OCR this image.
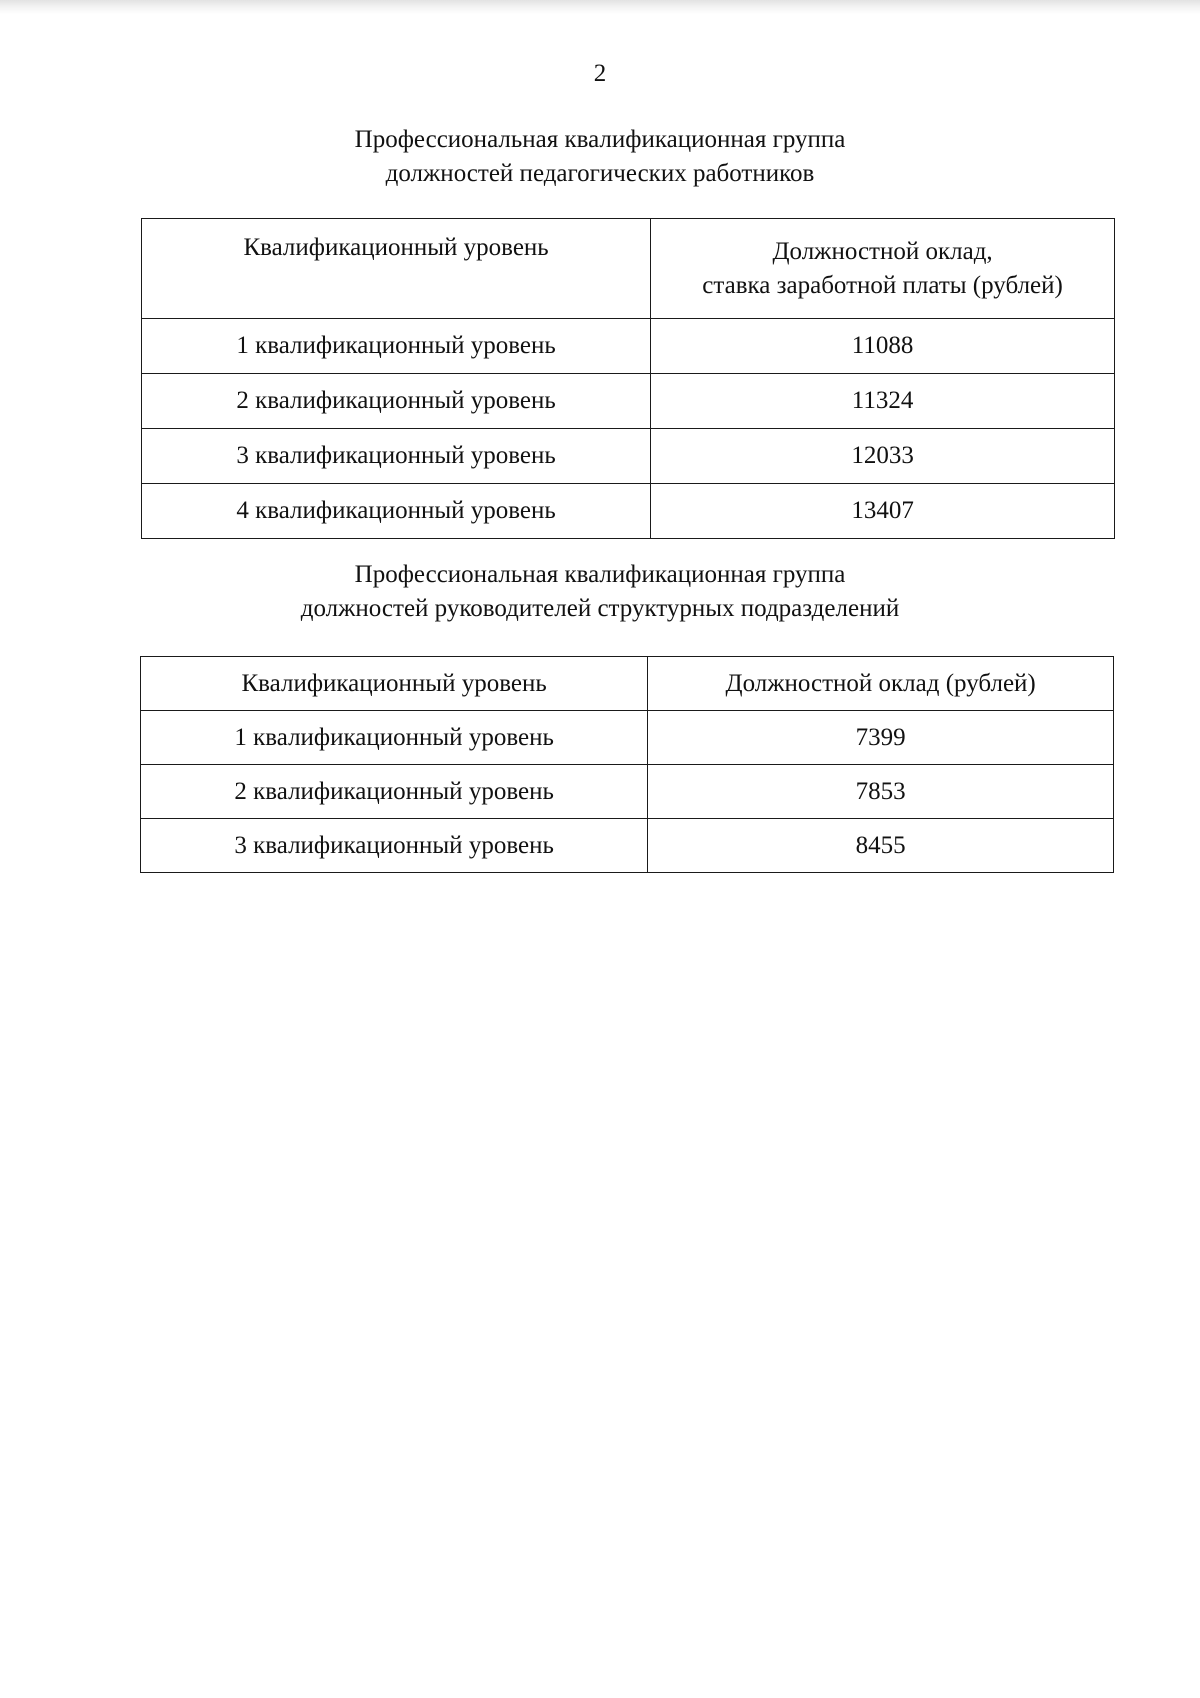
2
Профессиональная квалификационная группа
должностей педагогических работников
Квалификационный уровень	Должностной оклад,
ставка заработной платы (рублей)

1 квалификационный уровень	11088
2 квалификационный уровень	11324
3 квалификационный уровень	12033
4 квалификационный уровень	13407
Профессиональная квалификационная группа
должностей руководителей структурных подразделений
Квалификационный уровень	Должностной оклад (рублей)
1 квалификационный уровень	7399
2 квалификационный уровень	7853
3 квалификационный уровень	8455
